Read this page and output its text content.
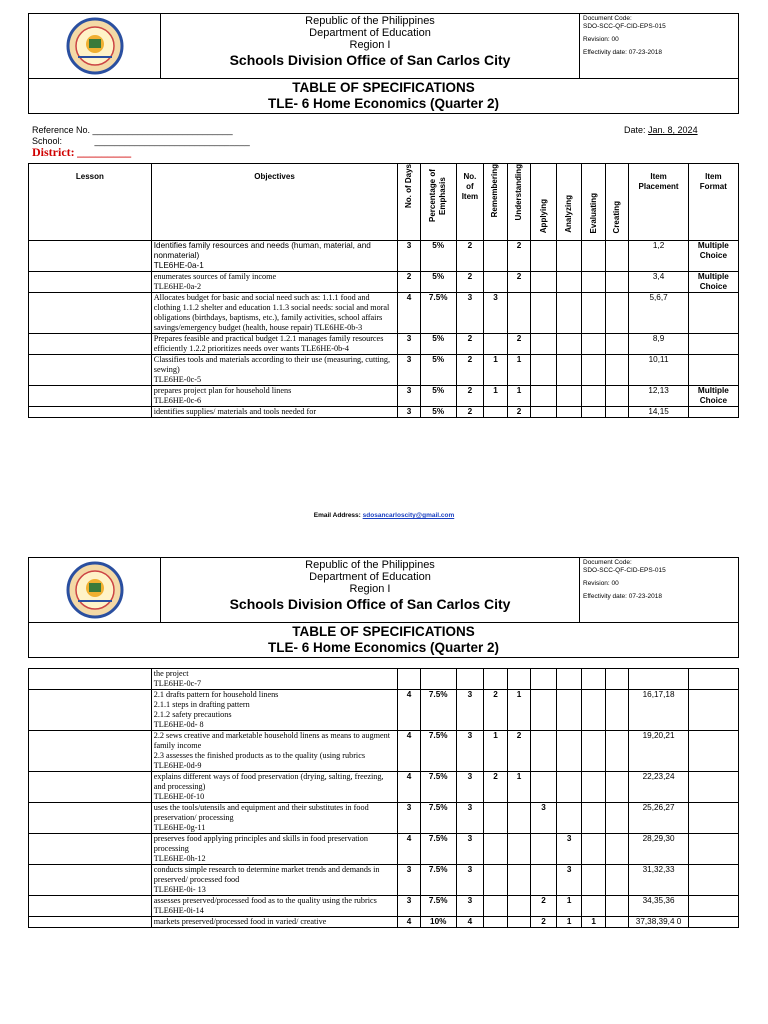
Republic of the Philippines
Department of Education
Region I
Schools Division Office of San Carlos City
Document Code:
SDO-SCC-QF-CID-EPS-015
Revision: 00
Effectivity date: 07-23-2018
TABLE OF SPECIFICATIONS
TLE- 6 Home Economics (Quarter 2)
Reference No. ____________________________
School:	_______________________________
District: _________
Date: Jan. 8, 2024
Lesson	Objectives	No. of Days	Percentage of Emphasis	No. of Item	Remembering	Understanding	Applying	Analyzing	Evaluating	Creating	Item Placement	Item Format
	Identifies family resources and needs (human, material, and nonmaterial)
TLE6HE-0a-1	3	5%	2		2					1,2	Multiple Choice
	enumerates sources of family income
TLE6HE-0a-2	2	5%	2		2					3,4	Multiple Choice
	Allocates budget for basic and social need such as: 1.1.1 food and clothing 1.1.2 shelter and education 1.1.3 social needs: social and moral obligations (birthdays, baptisms, etc.), family activities, school affairs savings/emergency budget (health, house repair) TLE6HE-0b-3	4	7.5%	3	3						5,6,7	
	Prepares feasible and practical budget 1.2.1 manages family resources efficiently 1.2.2 prioritizes needs over wants TLE6HE-0b-4	3	5%	2		2					8,9	
	Classifies tools and materials according to their use (measuring, cutting, sewing)
TLE6HE-0c-5	3	5%	2	1	1					10,11	
	prepares project plan for household linens
TLE6HE-0c-6	3	5%	2	1	1					12,13	Multiple Choice
	identifies supplies/ materials and tools needed for	3	5%	2		2					14,15	
Email Address: sdosancarloscity@gmail.com
Republic of the Philippines
Department of Education
Region I
Schools Division Office of San Carlos City
Document Code:
SDO-SCC-QF-CID-EPS-015
Revision: 00
Effectivity date: 07-23-2018
TABLE OF SPECIFICATIONS
TLE- 6 Home Economics (Quarter 2)
	the project
TLE6HE-0c-7											
	2.1 drafts pattern for household linens
2.1.1 steps in drafting pattern
2.1.2 safety precautions
TLE6HE-0d- 8	4	7.5%	3	2	1					16,17,18	
	2.2 sews creative and marketable household linens as means to augment family income
2.3 assesses the finished products as to the quality (using rubrics
TLE6HE-0d-9	4	7.5%	3	1	2					19,20,21	
	explains different ways of food preservation (drying, salting, freezing, and processing)
TLE6HE-0f-10	4	7.5%	3	2	1					22,23,24	
	uses the tools/utensils and equipment and their substitutes in food preservation/ processing
TLE6HE-0g-11	3	7.5%	3			3				25,26,27	
	preserves food applying principles and skills in food preservation processing
TLE6HE-0h-12	4	7.5%	3				3			28,29,30	
	conducts simple research to determine market trends and demands in preserved/ processed food
TLE6HE-0i- 13	3	7.5%	3				3			31,32,33	
	assesses preserved/processed food as to the quality using the rubrics
TLE6HE-0i-14	3	7.5%	3			2	1			34,35,36	
	markets preserved/processed food in varied/ creative	4	10%	4			2	1	1		37,38,39,4 0	
